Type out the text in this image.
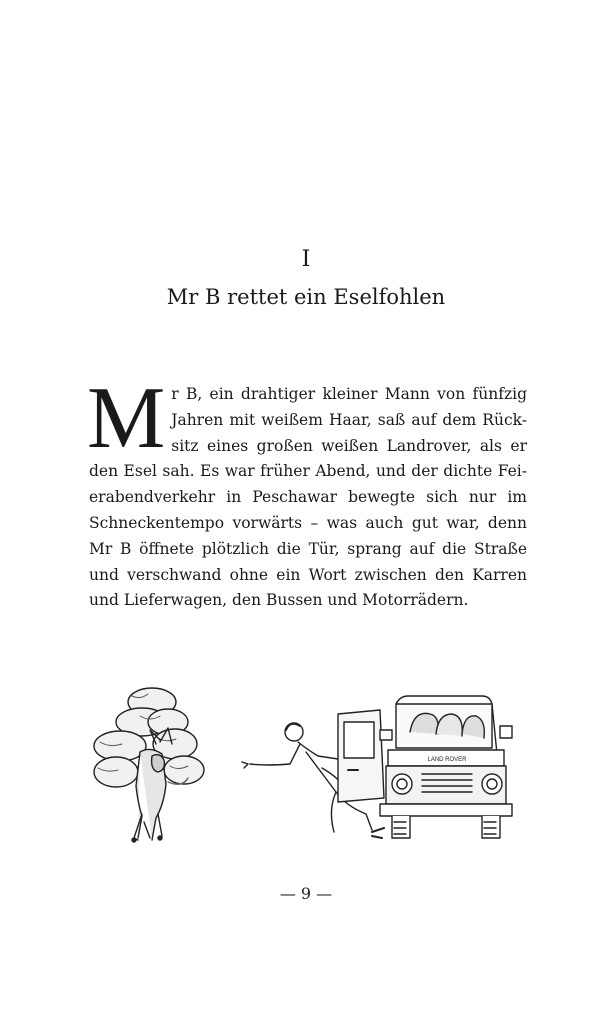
I
Mr B rettet ein Eselfohlen
M r B, ein drahtiger kleiner Mann von fünfzig
Jahren mit weißem Haar, saß auf dem Rück-
sitz eines großen weißen Landrover, als er
den Esel sah. Es war früher Abend, und der dichte Fei-
erabendverkehr in Peschawar bewegte sich nur im
Schneckentempo vorwärts – was auch gut war, denn
Mr B öffnete plötzlich die Tür, sprang auf die Straße
und verschwand ohne ein Wort zwischen den Karren
und Lieferwagen, den Bussen und Motorrädern.
LAND ROVER
— 9 —
